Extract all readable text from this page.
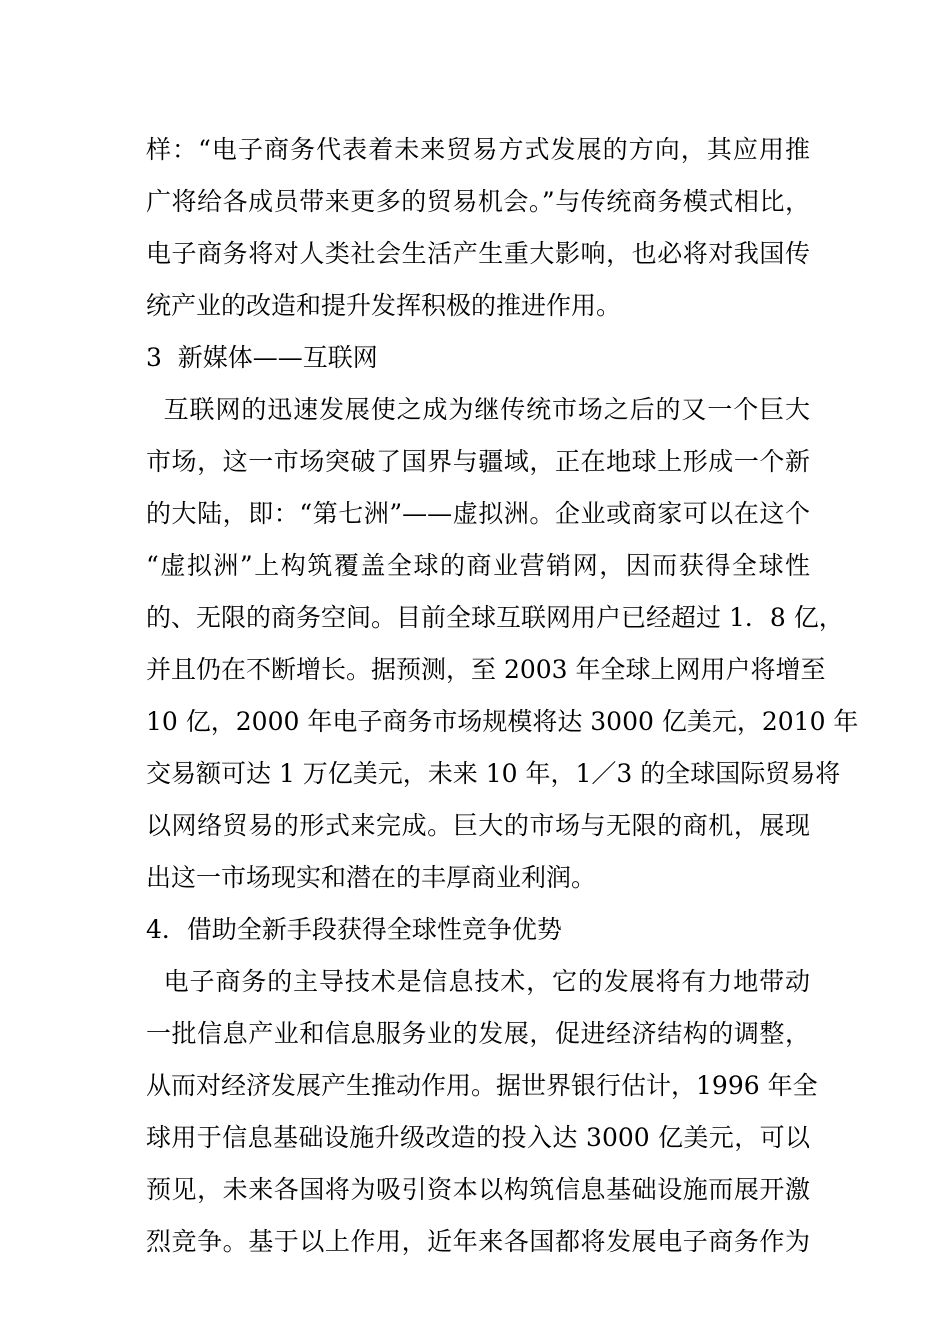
样：“电子商务代表着未来贸易方式发展的方向，其应用推
广将给各成员带来更多的贸易机会。”与传统商务模式相比，
电子商务将对人类社会生活产生重大影响，也必将对我国传
统产业的改造和提升发挥积极的推进作用。
3  新媒体——互联网
互联网的迅速发展使之成为继传统市场之后的又一个巨大
市场，这一市场突破了国界与疆域，正在地球上形成一个新
的大陆，即：“第七洲”——虚拟洲。企业或商家可以在这个
“虚拟洲”上构筑覆盖全球的商业营销网，因而获得全球性
的、无限的商务空间。目前全球互联网用户已经超过 1．8 亿，
并且仍在不断增长。据预测，至 2003 年全球上网用户将增至
10 亿，2000 年电子商务市场规模将达 3000 亿美元，2010 年
交易额可达 1 万亿美元，未来 10 年，1／3 的全球国际贸易将
以网络贸易的形式来完成。巨大的市场与无限的商机，展现
出这一市场现实和潜在的丰厚商业利润。
4．借助全新手段获得全球性竞争优势
电子商务的主导技术是信息技术，它的发展将有力地带动
一批信息产业和信息服务业的发展，促进经济结构的调整，
从而对经济发展产生推动作用。据世界银行估计，1996 年全
球用于信息基础设施升级改造的投入达 3000 亿美元，可以
预见，未来各国将为吸引资本以构筑信息基础设施而展开激
烈竞争。基于以上作用，近年来各国都将发展电子商务作为
